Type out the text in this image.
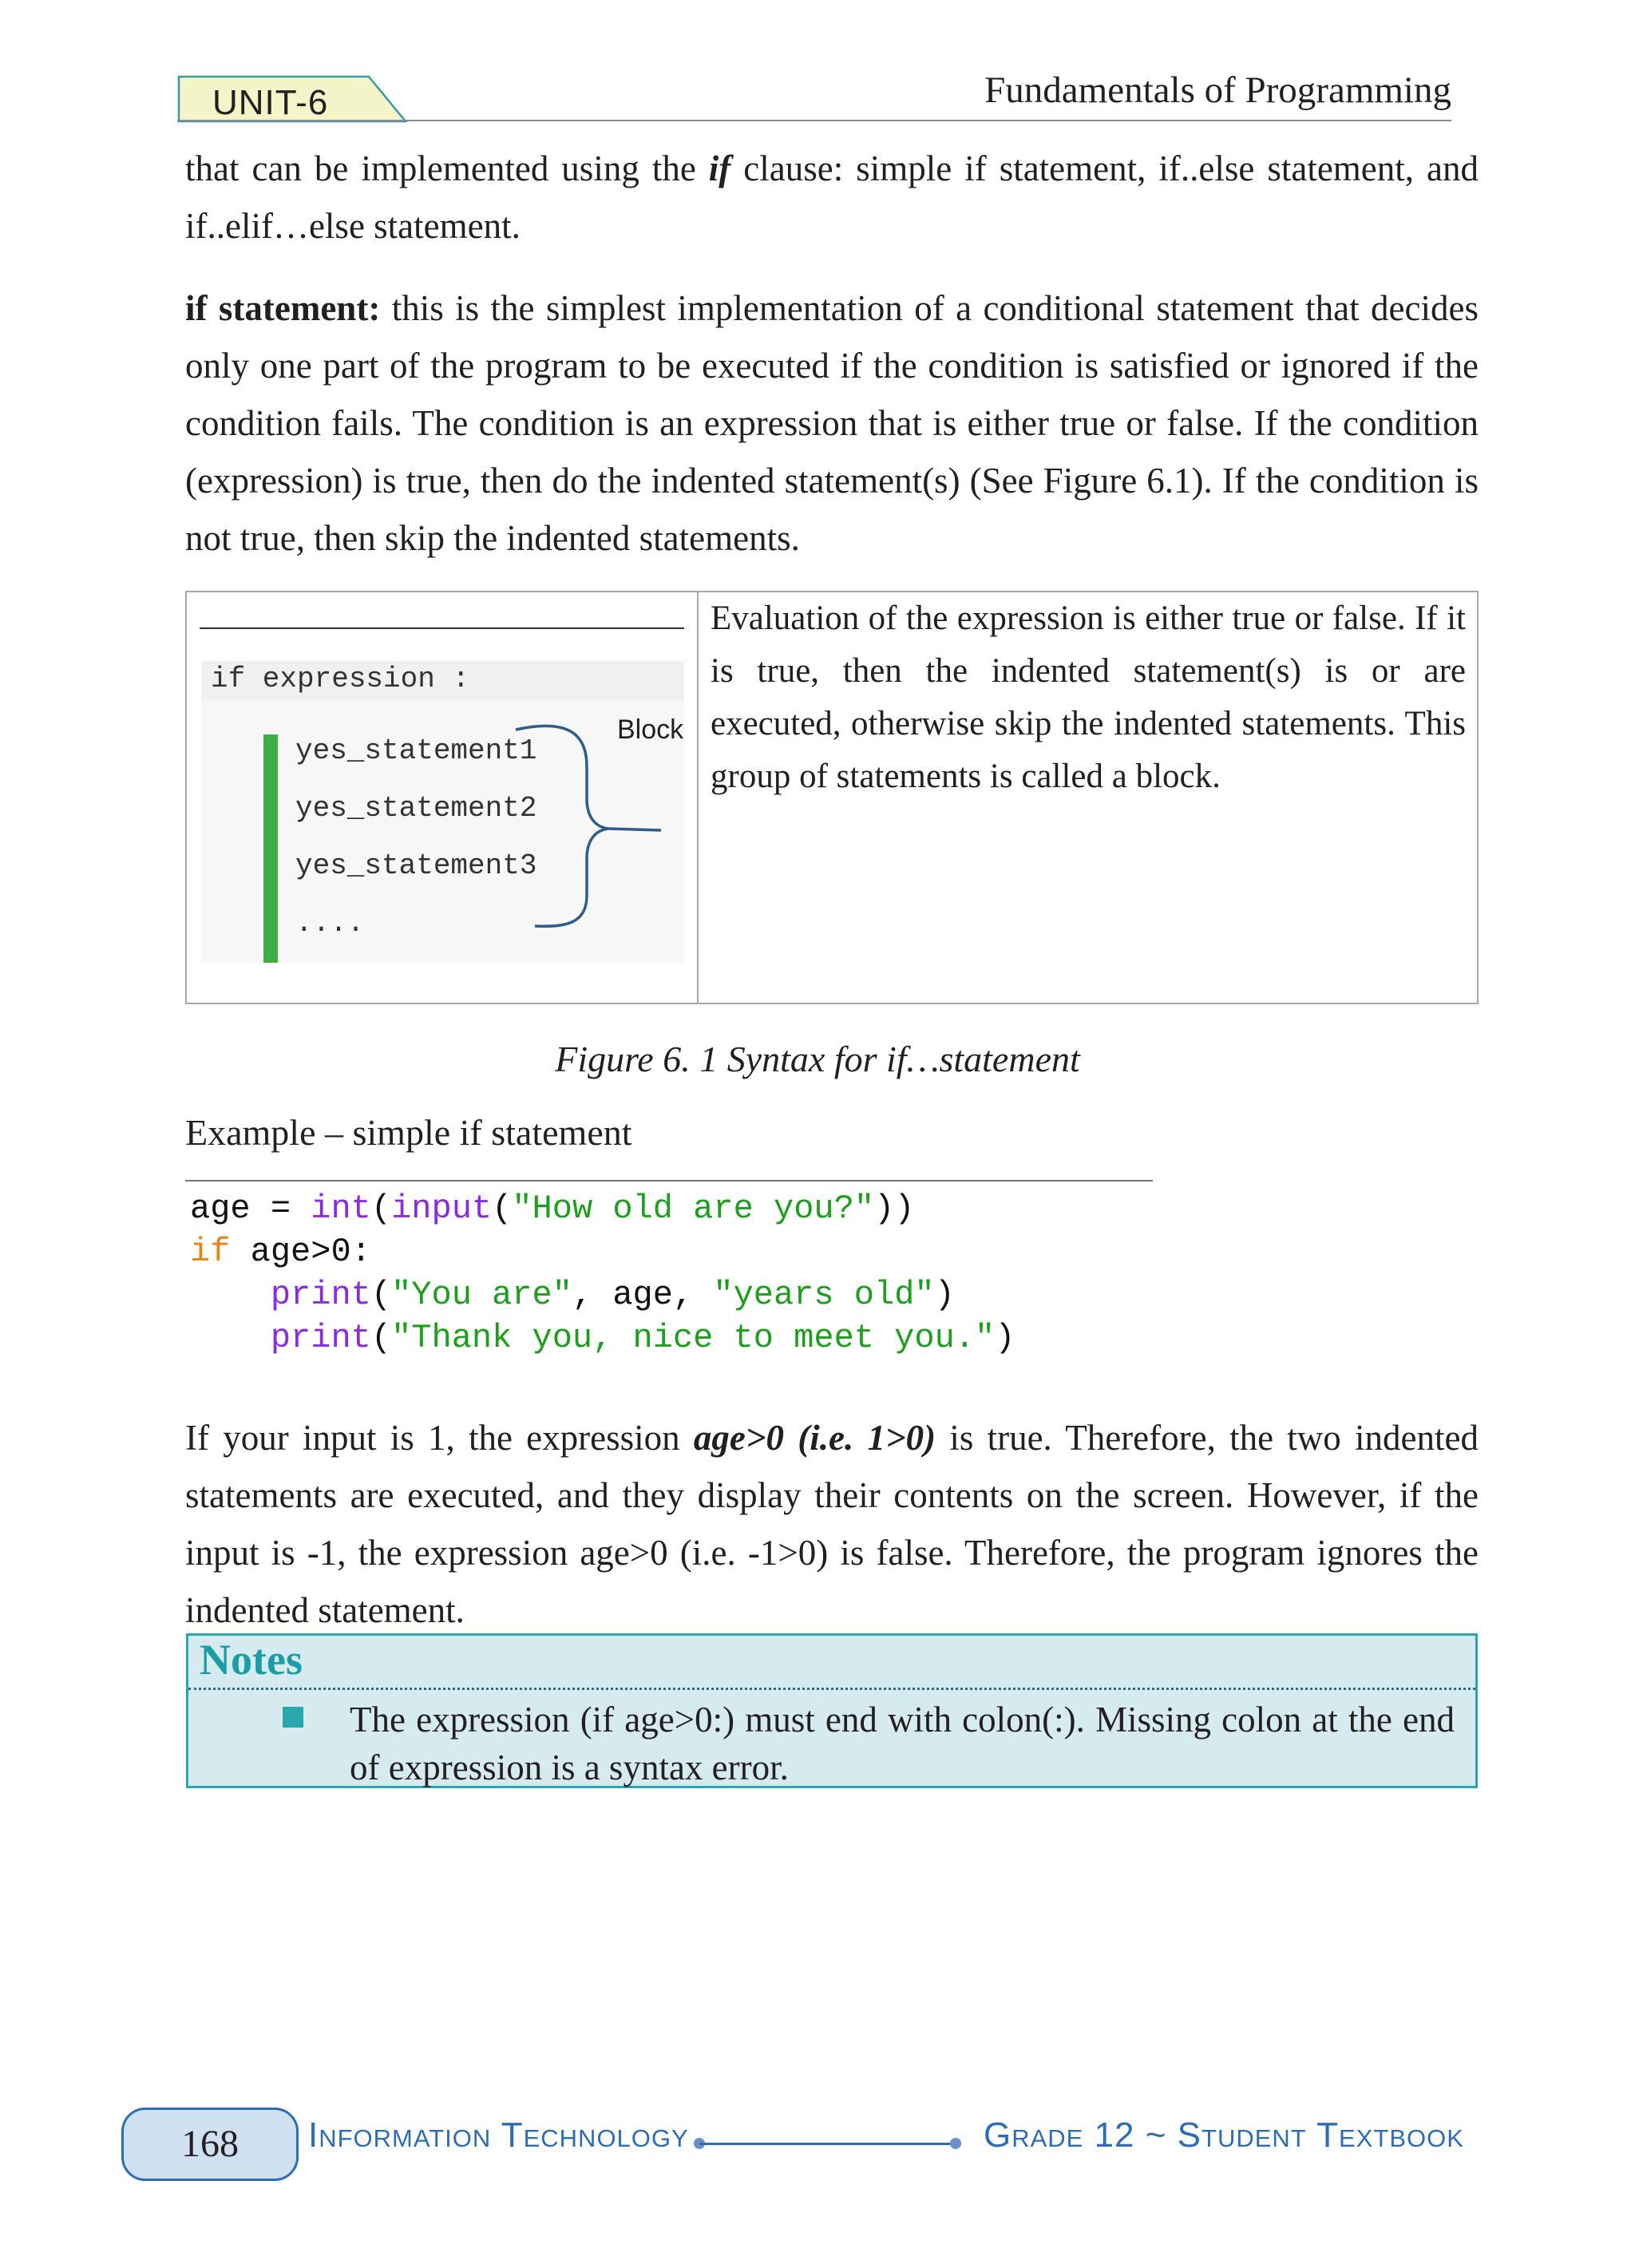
UNIT-6	Fundamentals of Programming
that can be implemented using the if clause: simple if statement, if..else statement, and if..elif…else statement.
if statement: this is the simplest implementation of a conditional statement that decides only one part of the program to be executed if the condition is satisfied or ignored if the condition fails. The condition is an expression that is either true or false. If the condition (expression) is true, then do the indented statement(s) (See Figure 6.1). If the condition is not true, then skip the indented statements.
if expression :
yes_statement1
yes_statement2
yes_statement3
....
Block
Evaluation of the expression is either true or false. If it is true, then the indented statement(s) is or are executed, otherwise skip the indented statements. This group of statements is called a block.
Figure 6. 1 Syntax for if…statement
Example – simple if statement
age = int(input("How old are you?"))
if age>0:
print("You are", age, "years old")
print("Thank you, nice to meet you.")
If your input is 1, the expression age>0 (i.e. 1>0) is true. Therefore, the two indented statements are executed, and they display their contents on the screen. However, if the input is -1, the expression age>0 (i.e. -1>0) is false. Therefore, the program ignores the indented statement.
Notes
The expression (if age>0:) must end with colon(:). Missing colon at the end of expression is a syntax error.
168	Information Technology	Grade 12 ~ Student Textbook
